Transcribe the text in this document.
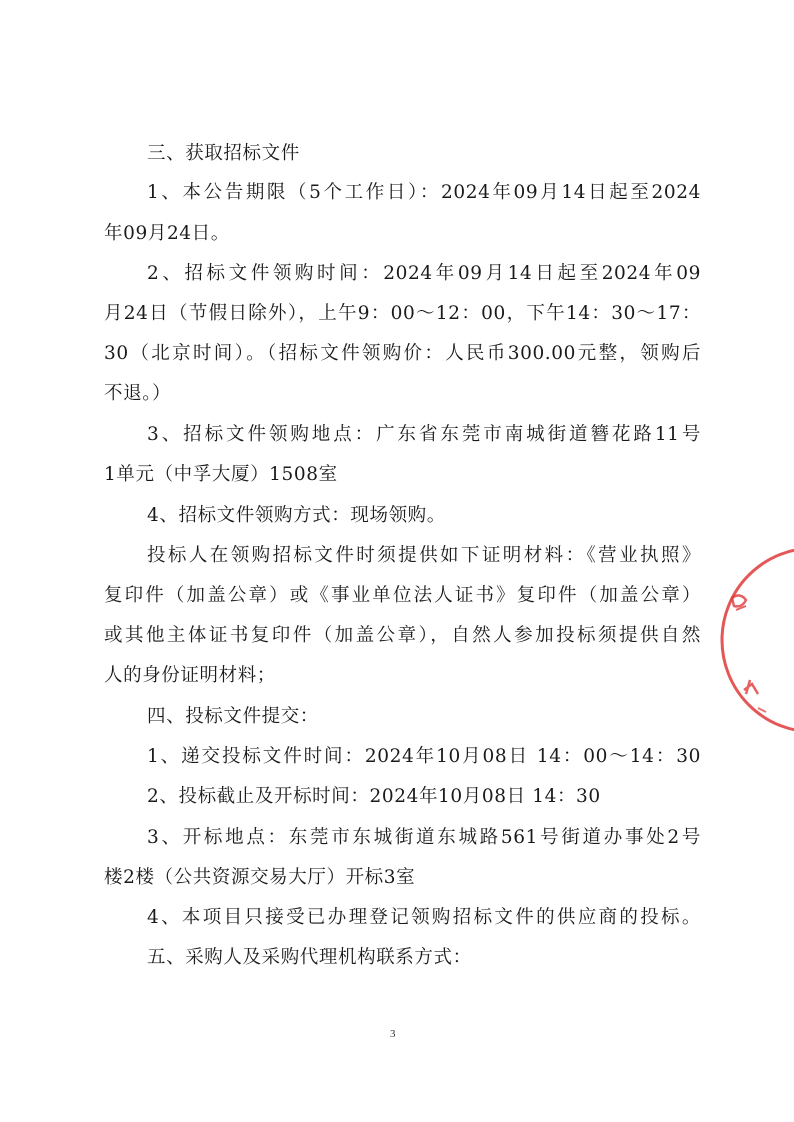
三、获取招标文件
1、本公告期限（5个工作日）：2024年09月14日起至2024
年09月24日。
2、招标文件领购时间：2024年09月14日起至2024年09
月24日（节假日除外），上午9：00～12：00，下午14：30～17：
30（北京时间）。（招标文件领购价：人民币300.00元整，领购后
不退。）
3、招标文件领购地点：广东省东莞市南城街道簪花路11号
1单元（中孚大厦）1508室
4、招标文件领购方式：现场领购。
投标人在领购招标文件时须提供如下证明材料：《营业执照》
复印件（加盖公章）或《事业单位法人证书》复印件（加盖公章）
或其他主体证书复印件（加盖公章），自然人参加投标须提供自然
人的身份证明材料；
四、投标文件提交：
1、递交投标文件时间：2024年10月08日 14：00～14：30
2、投标截止及开标时间：2024年10月08日 14：30
3、开标地点：东莞市东城街道东城路561号街道办事处2号
楼2楼（公共资源交易大厅）开标3室
4、本项目只接受已办理登记领购招标文件的供应商的投标。
五、采购人及采购代理机构联系方式：
3
